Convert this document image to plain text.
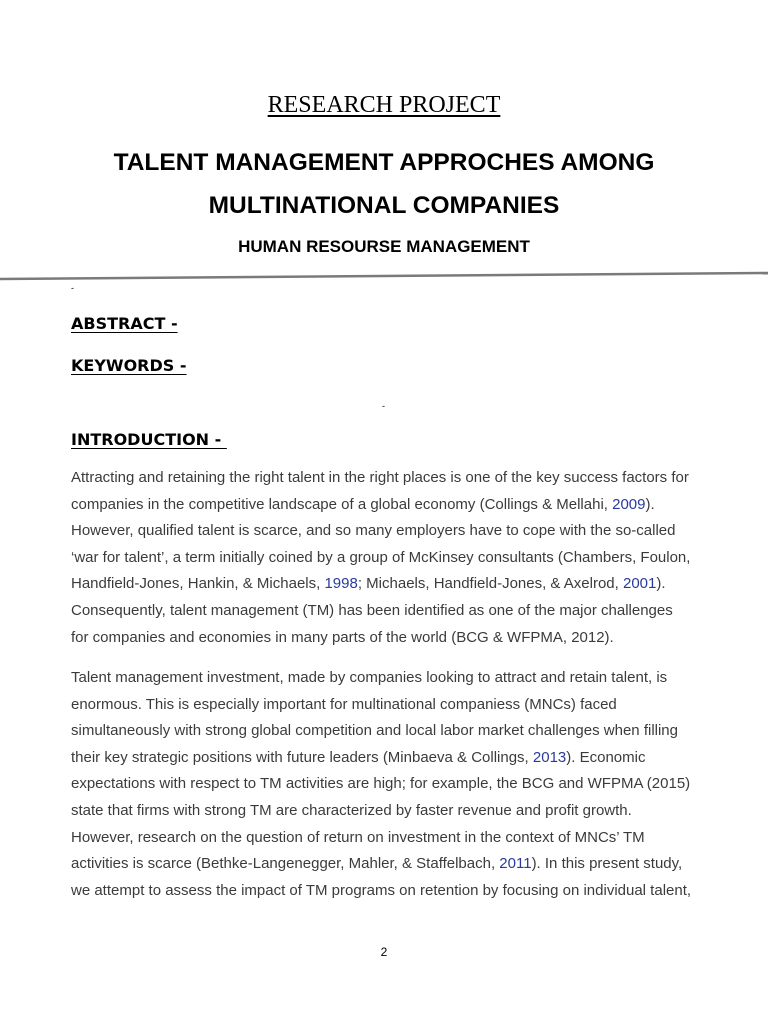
RESEARCH PROJECT
TALENT MANAGEMENT APPROCHES AMONG
MULTINATIONAL COMPANIES
HUMAN RESOURSE MANAGEMENT
-
ABSTRACT -
KEYWORDS -
-
INTRODUCTION -
Attracting and retaining the right talent in the right places is one of the key success factors for
companies in the competitive landscape of a global economy (Collings & Mellahi, 2009).
However, qualified talent is scarce, and so many employers have to cope with the so-called
‘war for talent’, a term initially coined by a group of McKinsey consultants (Chambers, Foulon,
Handfield-Jones, Hankin, & Michaels, 1998; Michaels, Handfield-Jones, & Axelrod, 2001).
Consequently, talent management (TM) has been identified as one of the major challenges
for companies and economies in many parts of the world (BCG & WFPMA, 2012).
Talent management investment, made by companies looking to attract and retain talent, is
enormous. This is especially important for multinational companiess (MNCs) faced
simultaneously with strong global competition and local labor market challenges when filling
their key strategic positions with future leaders (Minbaeva & Collings, 2013). Economic
expectations with respect to TM activities are high; for example, the BCG and WFPMA (2015)
state that firms with strong TM are characterized by faster revenue and profit growth.
However, research on the question of return on investment in the context of MNCs’ TM
activities is scarce (Bethke-Langenegger, Mahler, & Staffelbach, 2011). In this present study,
we attempt to assess the impact of TM programs on retention by focusing on individual talent,
2
